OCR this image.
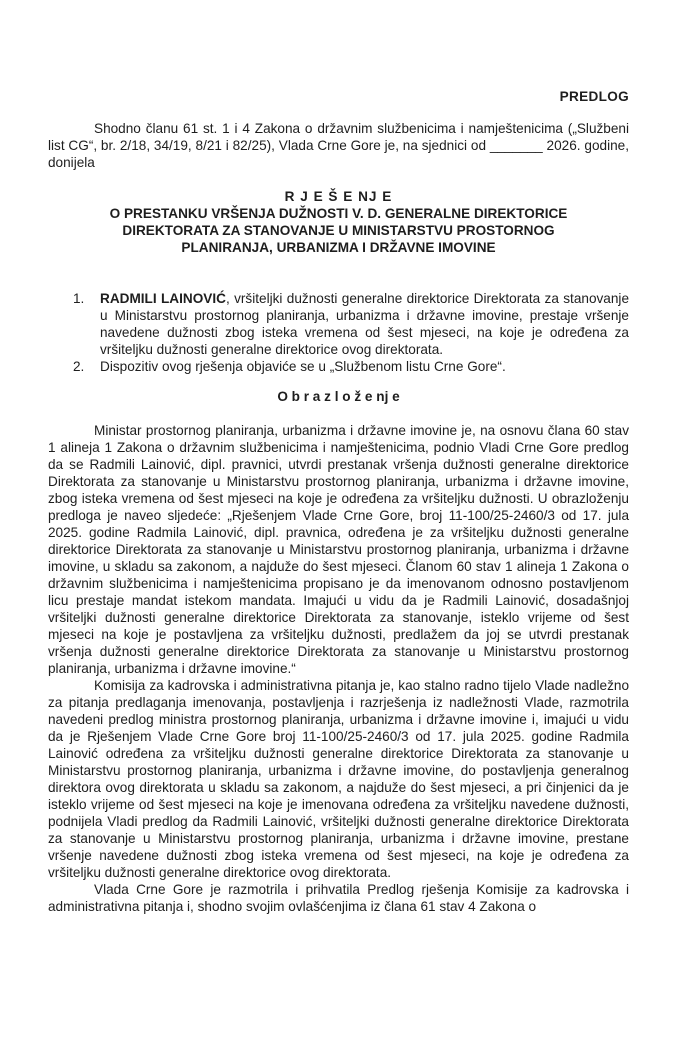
PREDLOG

Shodno članu 61 st. 1 i 4 Zakona o državnim službenicima i namještenicima („Službeni list CG“, br. 2/18, 34/19, 8/21 i 82/25), Vlada Crne Gore je, na sjednici od _______ 2026. godine, donijela

R J E Š E NJ E
O PRESTANKU VRŠENJA DUŽNOSTI V. D. GENERALNE DIREKTORICE
DIREKTORATA ZA STANOVANJE U MINISTARSTVU PROSTORNOG
PLANIRANJA, URBANIZMA I DRŽAVNE IMOVINE
1.	RADMILI LAINOVIĆ, vršiteljki dužnosti generalne direktorice Direktorata za stanovanje u Ministarstvu prostornog planiranja, urbanizma i državne imovine, prestaje vršenje navedene dužnosti zbog isteka vremena od šest mjeseci, na koje je određena za vršiteljku dužnosti generalne direktorice ovog direktorata.

2.	Dispozitiv ovog rješenja objaviće se u „Službenom listu Crne Gore“.

O b r a z l o ž e nj e

Ministar prostornog planiranja, urbanizma i državne imovine je, na osnovu člana 60 stav 1 alineja 1 Zakona o državnim službenicima i namještenicima, podnio Vladi Crne Gore predlog da se Radmili Lainović, dipl. pravnici, utvrdi prestanak vršenja dužnosti generalne direktorice Direktorata za stanovanje u Ministarstvu prostornog planiranja, urbanizma i državne imovine, zbog isteka vremena od šest mjeseci na koje je određena za vršiteljku dužnosti. U obrazloženju predloga je naveo sljedeće: „Rješenjem Vlade Crne Gore, broj 11-100/25-2460/3 od 17. jula 2025. godine Radmila Lainović, dipl. pravnica, određena je za vršiteljku dužnosti generalne direktorice Direktorata za stanovanje u Ministarstvu prostornog planiranja, urbanizma i državne imovine, u skladu sa zakonom, a najduže do šest mjeseci. Članom 60 stav 1 alineja 1 Zakona o državnim službenicima i namještenicima propisano je da imenovanom odnosno postavljenom licu prestaje mandat istekom mandata. Imajući u vidu da je Radmili Lainović, dosadašnjoj vršiteljki dužnosti generalne direktorice Direktorata za stanovanje, isteklo vrijeme od šest mjeseci na koje je postavljena za vršiteljku dužnosti, predlažem da joj se utvrdi prestanak vršenja dužnosti generalne direktorice Direktorata za stanovanje u Ministarstvu prostornog planiranja, urbanizma i državne imovine.“

Komisija za kadrovska i administrativna pitanja je, kao stalno radno tijelo Vlade nadležno za pitanja predlaganja imenovanja, postavljenja i razrješenja iz nadležnosti Vlade, razmotrila navedeni predlog ministra prostornog planiranja, urbanizma i državne imovine i, imajući u vidu da je Rješenjem Vlade Crne Gore broj 11-100/25-2460/3 od 17. jula 2025. godine Radmila Lainović određena za vršiteljku dužnosti generalne direktorice Direktorata za stanovanje u Ministarstvu prostornog planiranja, urbanizma i državne imovine, do postavljenja generalnog direktora ovog direktorata u skladu sa zakonom, a najduže do šest mjeseci, a pri činjenici da je isteklo vrijeme od šest mjeseci na koje je imenovana određena za vršiteljku navedene dužnosti, podnijela Vladi predlog da Radmili Lainović, vršiteljki dužnosti generalne direktorice Direktorata za stanovanje u Ministarstvu prostornog planiranja, urbanizma i državne imovine, prestane vršenje navedene dužnosti zbog isteka vremena od šest mjeseci, na koje je određena za vršiteljku dužnosti generalne direktorice ovog direktorata.

Vlada Crne Gore je razmotrila i prihvatila Predlog rješenja Komisije za kadrovska i administrativna pitanja i, shodno svojim ovlašćenjima iz člana 61 stav 4 Zakona o
